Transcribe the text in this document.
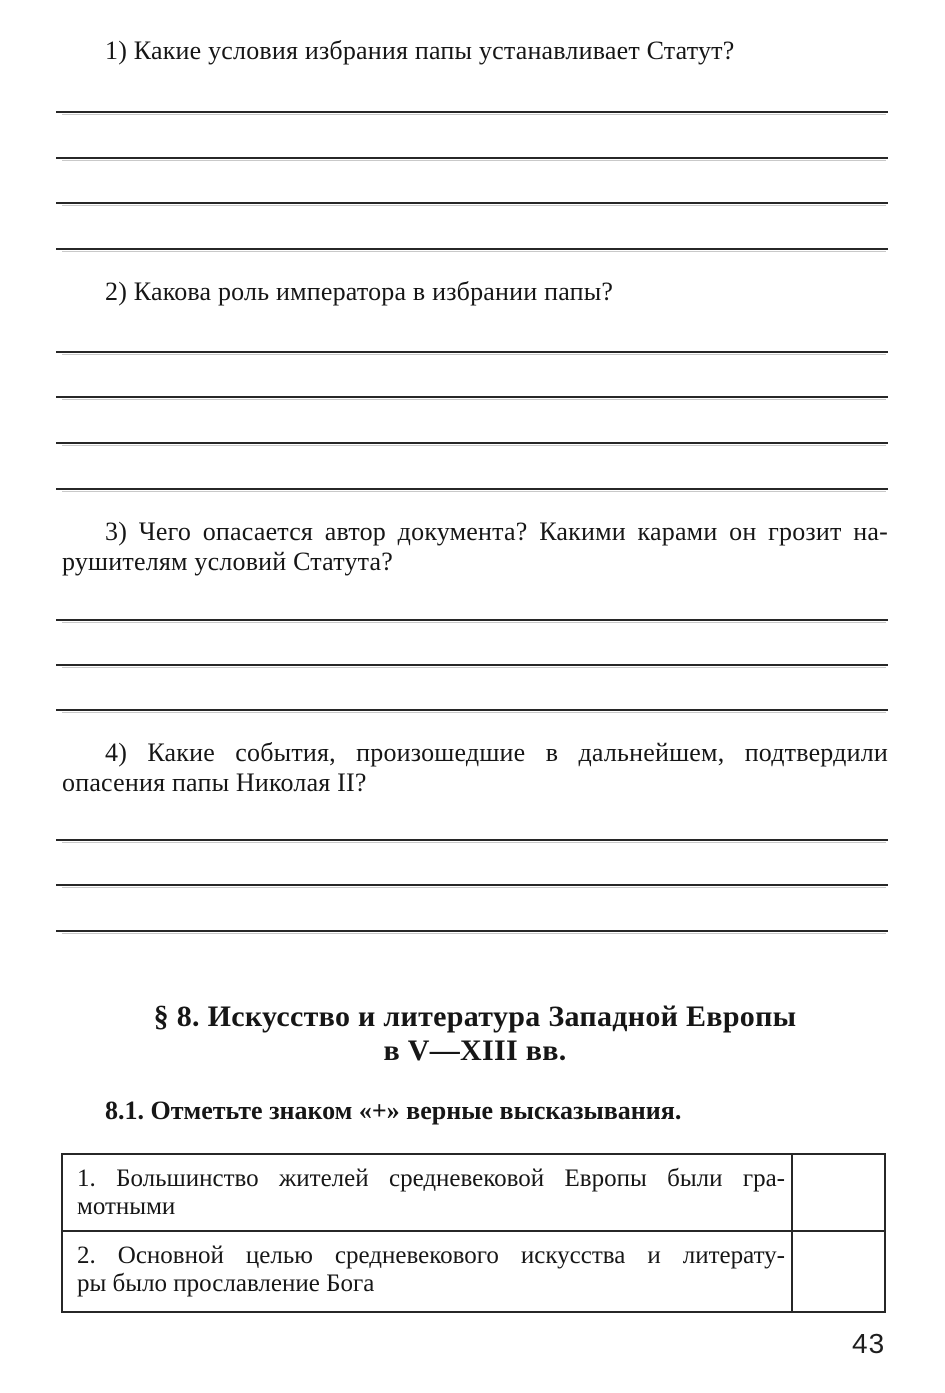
1) Какие условия избрания папы устанавливает Статут?
2) Какова роль императора в избрании папы?
3) Чего опасается автор документа? Какими карами он грозит на-
рушителям условий Статута?
4) Какие события, произошедшие в дальнейшем, подтвердили
опасения папы Николая II?
§ 8. Искусство и литература Западной Европы
в V—XIII вв.
8.1. Отметьте знаком «+» верные высказывания.
1. Большинство жителей средневековой Европы были гра-
мотными	

2. Основной целью средневекового искусства и литерату-
ры было прославление Бога	

43
